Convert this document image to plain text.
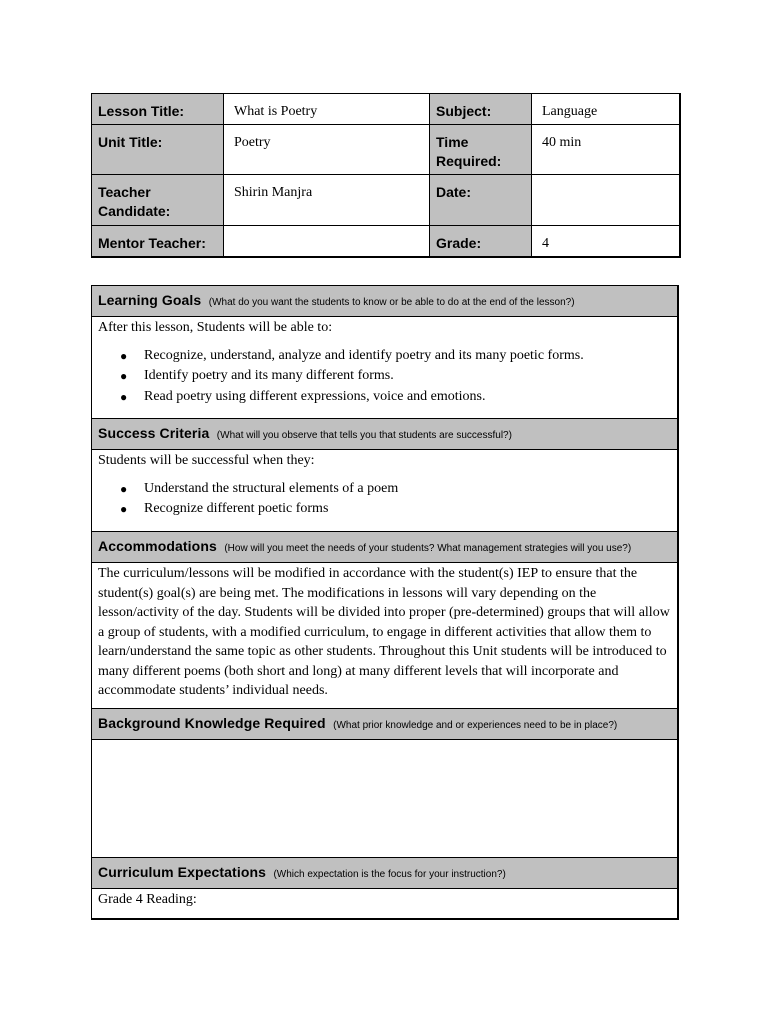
Lesson Title:	What is Poetry	Subject:	Language
Unit Title:	Poetry	Time Required:	40 min
Teacher Candidate:	Shirin Manjra	Date:	
Mentor Teacher:		Grade:	4
Learning Goals (What do you want the students to know or be able to do at the end of the lesson?)

After this lesson, Students will be able to:

● Recognize, understand, analyze and identify poetry and its many poetic forms.
● Identify poetry and its many different forms.
● Read poetry using different expressions, voice and emotions.

Success Criteria (What will you observe that tells you that students are successful?)

Students will be successful when they:

● Understand the structural elements of a poem
● Recognize different poetic forms

Accommodations (How will you meet the needs of your students? What management strategies will you use?)

The curriculum/lessons will be modified in accordance with the student(s) IEP to ensure that the student(s) goal(s) are being met. The modifications in lessons will vary depending on the lesson/activity of the day. Students will be divided into proper (pre-determined) groups that will allow a group of students, with a modified curriculum, to engage in different activities that allow them to learn/understand the same topic as other students. Throughout this Unit students will be introduced to many different poems (both short and long) at many different levels that will incorporate and accommodate students’ individual needs.

Background Knowledge Required (What prior knowledge and or experiences need to be in place?)

Curriculum Expectations (Which expectation is the focus for your instruction?)

Grade 4 Reading:
